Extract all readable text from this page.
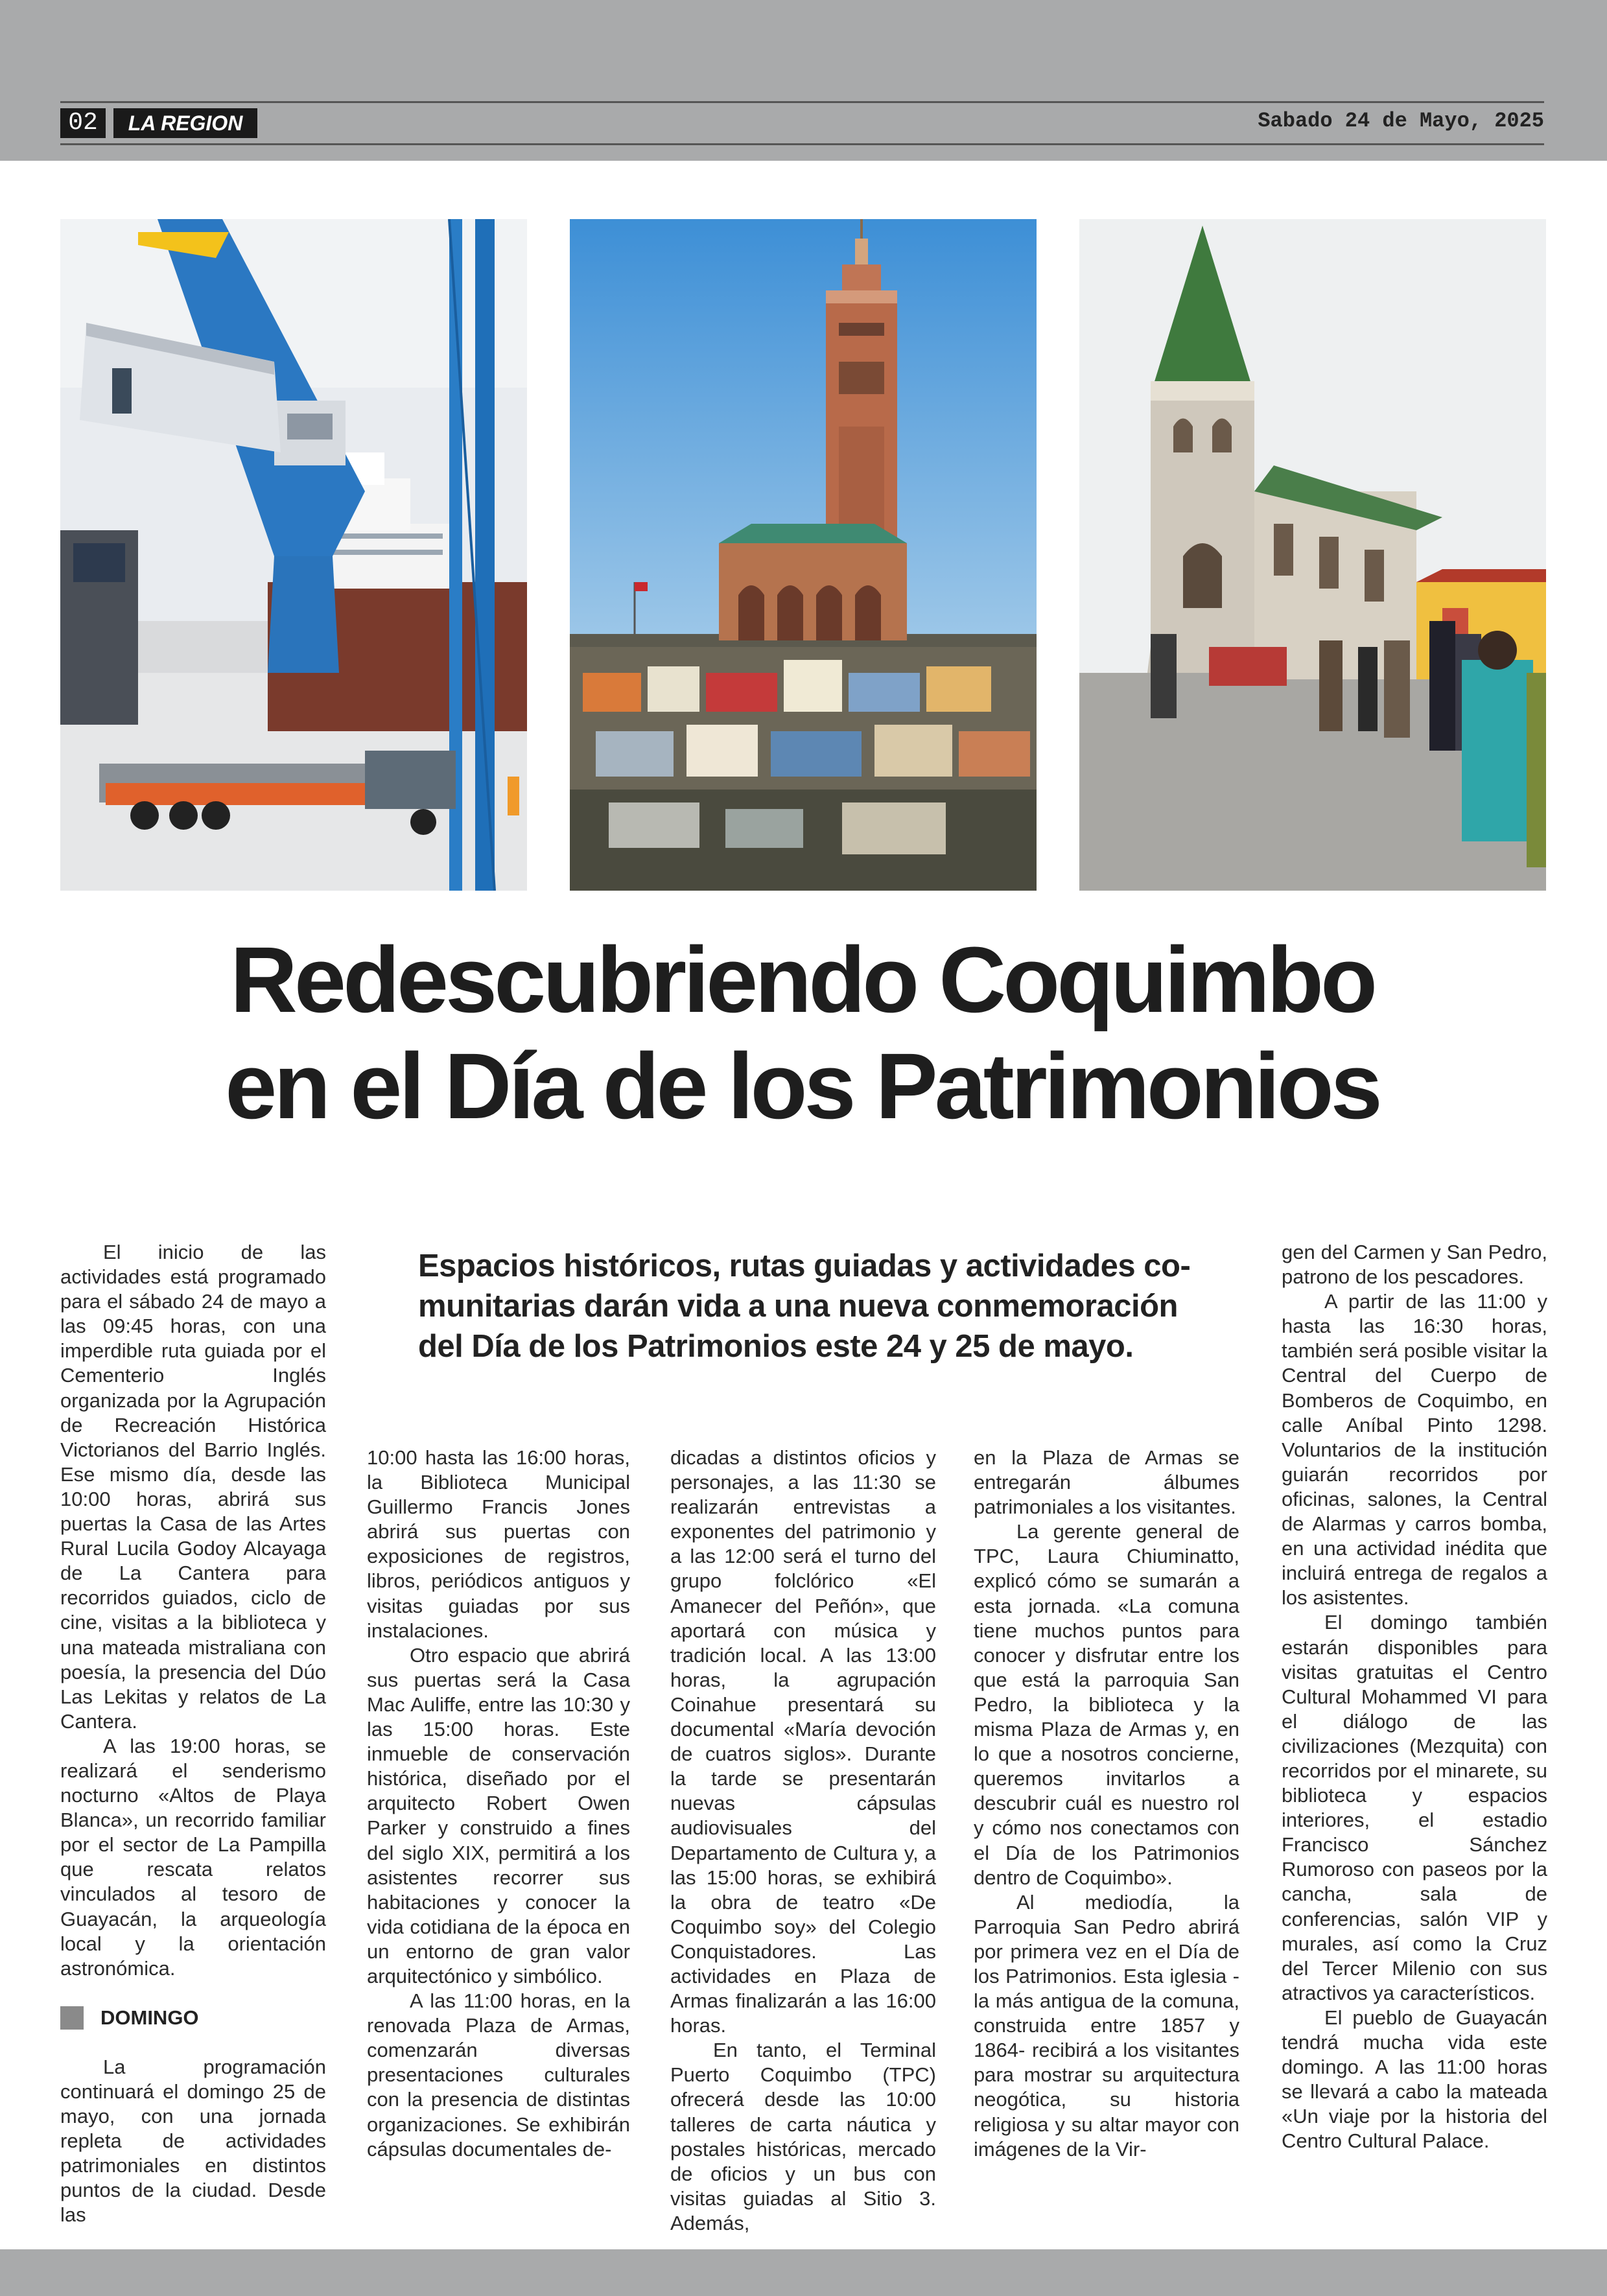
02	LA REGION	Sabado 24 de Mayo, 2025
Redescubriendo Coquimbo
en el Día de los Patrimonios

Espacios históricos, rutas guiadas y actividades co-munitarias darán vida a una nueva conmemoración del Día de los Patrimonios este 24 y 25 de mayo.

El inicio de las actividades está programado para el sábado 24 de mayo a las 09:45 horas, con una imperdible ruta guiada por el Cementerio Inglés organizada por la Agrupación de Recreación Histórica Victorianos del Barrio Inglés. Ese mismo día, desde las 10:00 horas, abrirá sus puertas la Casa de las Artes Rural Lucila Godoy Alcayaga de La Cantera para recorridos guiados, ciclo de cine, visitas a la biblioteca y una mateada mistraliana con poesía, la presencia del Dúo Las Lekitas y relatos de La Cantera.

A las 19:00 horas, se realizará el senderismo nocturno «Altos de Playa Blanca», un recorrido familiar por el sector de La Pampilla que rescata relatos vinculados al tesoro de Guayacán, la arqueología local y la orientación astronómica.

DOMINGO

La programación continuará el domingo 25 de mayo, con una jornada repleta de actividades patrimoniales en distintos puntos de la ciudad. Desde las

10:00 hasta las 16:00 horas, la Biblioteca Municipal Guillermo Francis Jones abrirá sus puertas con exposiciones de registros, libros, periódicos antiguos y visitas guiadas por sus instalaciones.

Otro espacio que abrirá sus puertas será la Casa Mac Auliffe, entre las 10:30 y las 15:00 horas. Este inmueble de conservación histórica, diseñado por el arquitecto Robert Owen Parker y construido a fines del siglo XIX, permitirá a los asistentes recorrer sus habitaciones y conocer la vida cotidiana de la época en un entorno de gran valor arquitectónico y simbólico.

A las 11:00 horas, en la renovada Plaza de Armas, comenzarán diversas presentaciones culturales con la presencia de distintas organizaciones. Se exhibirán cápsulas documentales de-

dicadas a distintos oficios y personajes, a las 11:30 se realizarán entrevistas a exponentes del patrimonio y a las 12:00 será el turno del grupo folclórico «El Amanecer del Peñón», que aportará con música y tradición local. A las 13:00 horas, la agrupación Coinahue presentará su documental «María devoción de cuatros siglos». Durante la tarde se presentarán nuevas cápsulas audiovisuales del Departamento de Cultura y, a las 15:00 horas, se exhibirá la obra de teatro «De Coquimbo soy» del Colegio Conquistadores. Las actividades en Plaza de Armas finalizarán a las 16:00 horas.

En tanto, el Terminal Puerto Coquimbo (TPC) ofrecerá desde las 10:00 talleres de carta náutica y postales históricas, mercado de oficios y un bus con visitas guiadas al Sitio 3. Además,

en la Plaza de Armas se entregarán álbumes patrimoniales a los visitantes.

La gerente general de TPC, Laura Chiuminatto, explicó cómo se sumarán a esta jornada. «La comuna tiene muchos puntos para conocer y disfrutar entre los que está la parroquia San Pedro, la biblioteca y la misma Plaza de Armas y, en lo que a nosotros concierne, queremos invitarlos a descubrir cuál es nuestro rol y cómo nos conectamos con el Día de los Patrimonios dentro de Coquimbo».

Al mediodía, la Parroquia San Pedro abrirá por primera vez en el Día de los Patrimonios. Esta iglesia - la más antigua de la comuna, construida entre 1857 y 1864- recibirá a los visitantes para mostrar su arquitectura neogótica, su historia religiosa y su altar mayor con imágenes de la Vir-

gen del Carmen y San Pedro, patrono de los pescadores.

A partir de las 11:00 y hasta las 16:30 horas, también será posible visitar la Central del Cuerpo de Bomberos de Coquimbo, en calle Aníbal Pinto 1298. Voluntarios de la institución guiarán recorridos por oficinas, salones, la Central de Alarmas y carros bomba, en una actividad inédita que incluirá entrega de regalos a los asistentes.

El domingo también estarán disponibles para visitas gratuitas el Centro Cultural Mohammed VI para el diálogo de las civilizaciones (Mezquita) con recorridos por el minarete, su biblioteca y espacios interiores, el estadio Francisco Sánchez Rumoroso con paseos por la cancha, sala de conferencias, salón VIP y murales, así como la Cruz del Tercer Milenio con sus atractivos ya característicos.

El pueblo de Guayacán tendrá mucha vida este domingo. A las 11:00 horas se llevará a cabo la mateada «Un viaje por la historia del Centro Cultural Palace.
